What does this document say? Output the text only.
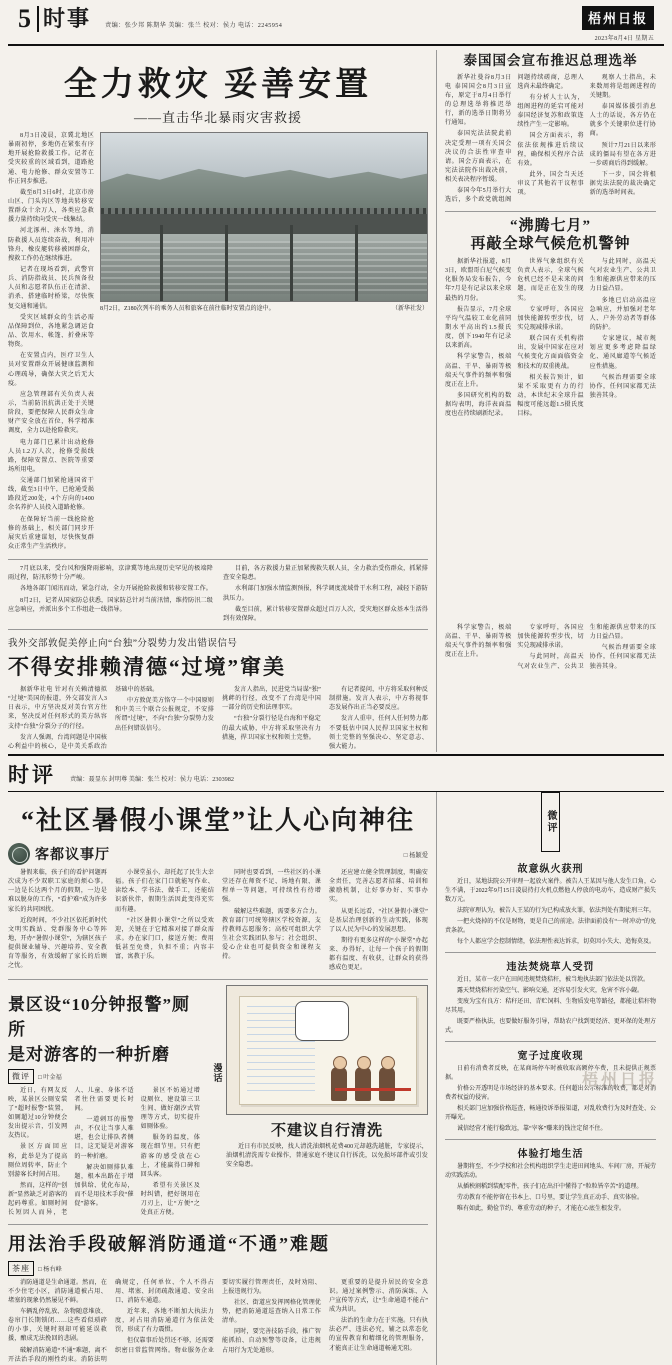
5 时事	责编：张少邦 陈期华 美编：张兰 校对：侯力 电话：2245954	梧州日报
2023年8月4日 星期五
全力救灾 妥善安置
——直击华北暴雨灾害救援

8月3日凌晨，京冀北地区暴雨初停，多地仍在紧张有序地开展抢险救援工作。记者在受灾较重的区域看到，道路抢通、电力抢修、群众安置等工作正同步推进。

截至8月3日6时，北京市房山区、门头沟区等地共转移安置群众十余万人，各类应急救援力量持续向受灾一线集结。

河北涿州、涞水等地，消防救援人员连续奋战，利用冲锋舟、橡皮艇转移被困群众，搜救工作仍在继续推进。

记者在现场看到，武警官兵、消防指战员、民兵预备役人员和志愿者队伍正在清淤、消杀、搭建临时桥梁，尽快恢复交通和通信。

受灾区域群众的生活必需品保障到位，各地紧急调运食品、饮用水、帐篷、折叠床等物资。

在安置点内，医疗卫生人员对安置群众开展健康监测和心理疏导，确保大灾之后无大疫。

应急管理部有关负责人表示，当前防汛抗洪正处于关键阶段，要把保障人民群众生命财产安全放在首位，科学精准调度，全力以赴抢险救灾。

电力部门已累计出动抢修人员1.2万人次，抢修受损线路，保障安置点、医院等重要场所用电。

交通部门加紧抢通国省干线，截至3日中午，已抢通受损路段近200处，4个方向的1400余名养护人员投入道路抢修。

在保障好当前一线抢险抢修的基础上，相关部门同步开展灾后重建谋划，尽快恢复群众正常生产生活秩序。

（新华社发）
8月2日，Z180次列车的乘务人员和旅客在前往临时安置点的途中。

7月底以来，受台风和强降雨影响，京津冀等地出现历史罕见的极端降雨过程，防汛形势十分严峻。

各地各部门闻汛而动，紧急行动，全力开展抢险救援和转移安置工作。

8月2日，记者从国家防总获悉，国家防总针对当前汛情，维持防汛二级应急响应，并派出多个工作组赴一线指导。

目前，各方救援力量正加紧搜救失联人员，全力救治受伤群众，抓紧排查安全隐患。

水利部门加强水情监测预报，科学调度流域骨干水利工程，减轻下游防洪压力。

截至目前，累计转移安置群众超过百万人次，受灾地区群众基本生活得到有效保障。

泰国国会宣布推迟总理选举

新华社曼谷8月3日电 泰国国会8月3日宣布，原定于8月4日举行的总理选举将推迟举行，新的选举日期将另行通知。

泰国宪法法院此前决定受理一项有关国会决议的合法性审查申请。国会方面表示，在宪法法院作出裁决前，相关表决程序暂缓。

泰国今年5月举行大选后，多个政党就组阁问题持续磋商，总理人选尚未最终确定。

有分析人士认为，组阁进程的延宕可能对泰国经济复苏和政策连续性产生一定影响。

国会方面表示，将依法依规推进后续议程，确保相关程序合法有效。

此外，国会当天还审议了其他若干议程事项。

观察人士指出，未来数周将是组阁进程的关键期。

泰国媒体援引消息人士的话说，各方仍在就多个关键职位进行协商。

预计7月21日以来形成的僵局有望在各方进一步磋商后得到缓解。

下一步，国会将根据宪法法院的裁决确定新的选举时间表。

“沸腾七月”
再敲全球气候危机警钟

据新华社报道，8月3日，欧盟哥白尼气候变化服务局发布报告，今年7月是有记录以来全球最热的月份。

报告显示，7月全球平均气温较工业化前同期水平高出约1.5摄氏度，创下1940年有记录以来新高。

科学家警告，极端高温、干旱、暴雨等极端天气事件的频率和强度正在上升。

多国研究机构的数据均表明，海洋表面温度也在持续刷新纪录。

世界气象组织有关负责人表示，全球气候危机已经不是未来的问题，而是正在发生的现实。

专家呼吁，各国应加快能源转型步伐，切实兑现减排承诺。

联合国有关机构指出，发展中国家在应对气候变化方面面临资金和技术的双重挑战。

相关报告预计，如果不采取更有力的行动，本世纪末全球升温幅度可能远超1.5摄氏度目标。

与此同时，高温天气对农业生产、公共卫生和能源供应带来的压力日益凸显。

多地已启动高温应急响应，并加强对老年人、户外劳动者等群体的防护。

专家建议，城市规划应更多考虑降温绿化、通风廊道等气候适应性措施。

气候治理需要全球协作，任何国家都无法独善其身。

我外交部敦促美停止向“台独”分裂势力发出错误信号
不得安排赖清德“过境”窜美

据新华社电 针对有关赖清德拟“过境”美国的报道，外交部发言人3日表示，中方坚决反对美台官方往来，坚决反对任何形式的美方纵容支持“台独”分裂分子的行径。

发言人强调，台湾问题是中国核心利益中的核心，是中美关系政治基础中的基础。

中方敦促美方恪守一个中国原则和中美三个联合公报规定，不安排所谓“过境”，不向“台独”分裂势力发出任何错误信号。

发言人指出，民进党当局谋“独”挑衅的行径，改变不了台湾是中国一部分的历史和法理事实。

“台独”分裂行径是台海和平稳定的最大威胁，中方将采取坚决有力措施，捍卫国家主权和领土完整。

有记者提问，中方将采取何种反制措施。发言人表示，中方将视事态发展作出正当必要反应。

发言人重申，任何人任何势力都不要低估中国人民捍卫国家主权和领土完整的坚强决心、坚定意志、强大能力。

科学家警告，极端高温、干旱、暴雨等极端天气事件的频率和强度正在上升。

专家呼吁，各国应加快能源转型步伐，切实兑现减排承诺。

与此同时，高温天气对农业生产、公共卫生和能源供应带来的压力日益凸显。

气候治理需要全球协作，任何国家都无法独善其身。

时评 责编：聂显东 封明尊 美编：张兰 校对：侯力 电话：2303982
“社区暑假小课堂”让人心向神往
客都议事厅	□ 杨颖爱

暑假来临，孩子们的看护问题再次成为不少双职工家庭的烦心事。一边是长达两个月的假期，一边是难以脱身的工作，“看护难”成为许多家长的共同困扰。

近段时间，不少社区依托新时代文明实践站、党群服务中心等阵地，开办“暑假小课堂”，为辖区孩子提供课业辅导、兴趣培养、安全教育等服务，有效缓解了家长的后顾之忧。

小课堂虽小，却托起了民生大幸福。孩子们在家门口就能写作业、读绘本、学书法、做手工，还能结识新伙伴，假期生活因此变得充实而有趣。

“社区暑假小课堂”之所以受欢迎，关键在于它精准对接了群众需求。办在家门口，接送方便；费用低甚至免费，负担不重；内容丰富，寓教于乐。

同时也要看到，一些社区的小课堂还存在师资不足、场地有限、课程单一等问题，可持续性有待增强。

破解这些难题，需要多方合力。教育部门可统筹辖区学校资源，支持教师志愿服务；高校可组织大学生社会实践团队参与；社会组织、爱心企业也可提供资金和课程支持。

还应建立健全管理制度，明确安全责任，完善志愿者招募、培训和激励机制，让好事办好、实事办实。

从更长远看，“社区暑假小课堂”是基层治理创新的生动实践，体现了以人民为中心的发展思想。

期待有更多这样的“小课堂”办起来、办得好，让每一个孩子的假期都有温度、有收获，让群众的获得感成色更足。

景区设“10分钟报警”厕所
是对游客的一种折磨
微评	□ 叶金福

近日，有网友反映，某景区公厕安装了“超时报警”装置，如厕超过10分钟便会发出提示音，引发网友热议。

景区方面回应称，此举是为了提高厕位周转率，防止个别游客长时间占用。

然而，这样的“创新”显然缺乏对游客的起码尊重。如厕时间长短因人而异，老人、儿童、身体不适者往往需要更长时间。

一道刺耳的报警声，不仅让当事人难堪，也会让排队者侧目，这无疑是对游客的一种折磨。

解决如厕排队难题，根本出路在于增加供给、优化布局，而不是用技术手段“催促”游客。

景区不妨通过增设厕位、建设第三卫生间、做好潮汐式管理等方式，切实提升如厕体验。

服务的温度，体现在细节里。只有把游客的感受放在心上，才能赢得口碑和回头客。

希望有关景区及时纠错，把好钢用在刀刃上，让“方便”之处真正方便。

漫话
不建议自行清洗

近日有市民反映，找人清洗油烟机花费400元却越洗越脏，专家提示，油烟机清洗需专业操作，普通家庭不建议自行拆洗，以免损坏部件或引发安全隐患。

用法治手段破解消防通道“不通”难题
茶座	□ 杨右峰

消防通道是生命通道。然而，在不少住宅小区，消防通道被占用、堵塞的现象仍然屡见不鲜。

车辆乱停乱放、杂物随意堆放、卷帘门长期锁闭……这些看似琐碎的小事，关键时刻却可能延误救援，酿成无法挽回的悲剧。

破解消防通道“不通”难题，离不开法治手段的刚性约束。消防法明确规定，任何单位、个人不得占用、堵塞、封闭疏散通道、安全出口、消防车通道。

近年来，各地不断加大执法力度，对占用消防通道行为依法处罚，形成了有力震慑。

但仅靠事后处罚还不够，还需要织密日常监管网络。物业服务企业要切实履行管理责任，及时劝阻、上报违规行为。

社区、街道应发挥网格化管理优势，把消防通道巡查纳入日常工作清单。

同时，要完善技防手段，推广智能抓拍、自动预警等设备，让违规占用行为无处遁形。

更重要的是提升居民的安全意识。通过案例警示、消防演练、入户宣传等方式，让“生命通道不能占”成为共识。

法治的生命力在于实施。只有执法必严、违法必究，辅之以常态化的宣传教育和精细化的管理服务，才能真正让生命通道畅通无阻。

微评
故意纵火获刑

近日，某地法院公开审理一起放火案件。被告人王某因与他人发生口角，心生不满，于2022年9月15日凌晨持打火机点燃他人停放的电动车，造成财产损失数万元。

法院审理认为，被告人王某的行为已构成放火罪，依法判处有期徒刑三年。

一把火烧掉的不仅是财物，更是自己的前途。法律面前没有“一时冲动”的免责条款。

每个人都应学会控制情绪，依法理性表达诉求，切莫因小失大、追悔莫及。

违法焚烧草人受罚

近日，某市一农户在田间违规焚烧秸秆，被当地执法部门依法处以罚款。

露天焚烧秸秆污染空气、影响交通，还容易引发火灾，危害不容小觑。

变废为宝有良方：秸秆还田、青贮饲料、生物质发电等路径，都能让秸秆物尽其用。

既要严格执法，也要做好服务引导，帮助农户找到更经济、更环保的处理方式。

宽子过度收现

日前有消费者反映，在某商场停车时被收取高额停车费，且未提供正规票据。

价格公开透明是市场经济的基本要求。任何超出公示标准的收费，都是对消费者权益的侵害。

相关部门应加强价格巡查，畅通投诉举报渠道，对乱收费行为及时查处、公开曝光。

诚信经营才能行稳致远，靠“宰客”赚来的钱注定留不住。

体验打地生活

暑期将至，不少学校和社会机构组织学生走进田间地头、车间厂房，开展劳动实践活动。

从插秧割稻到装配零件，孩子们在出汗中懂得了“粒粒皆辛苦”的道理。

劳动教育不能停留在书本上、口号里，要让学生真正动手、真实体验。

唯有如此，勤俭节约、尊重劳动的种子，才能在心底生根发芽。

梧州日报
